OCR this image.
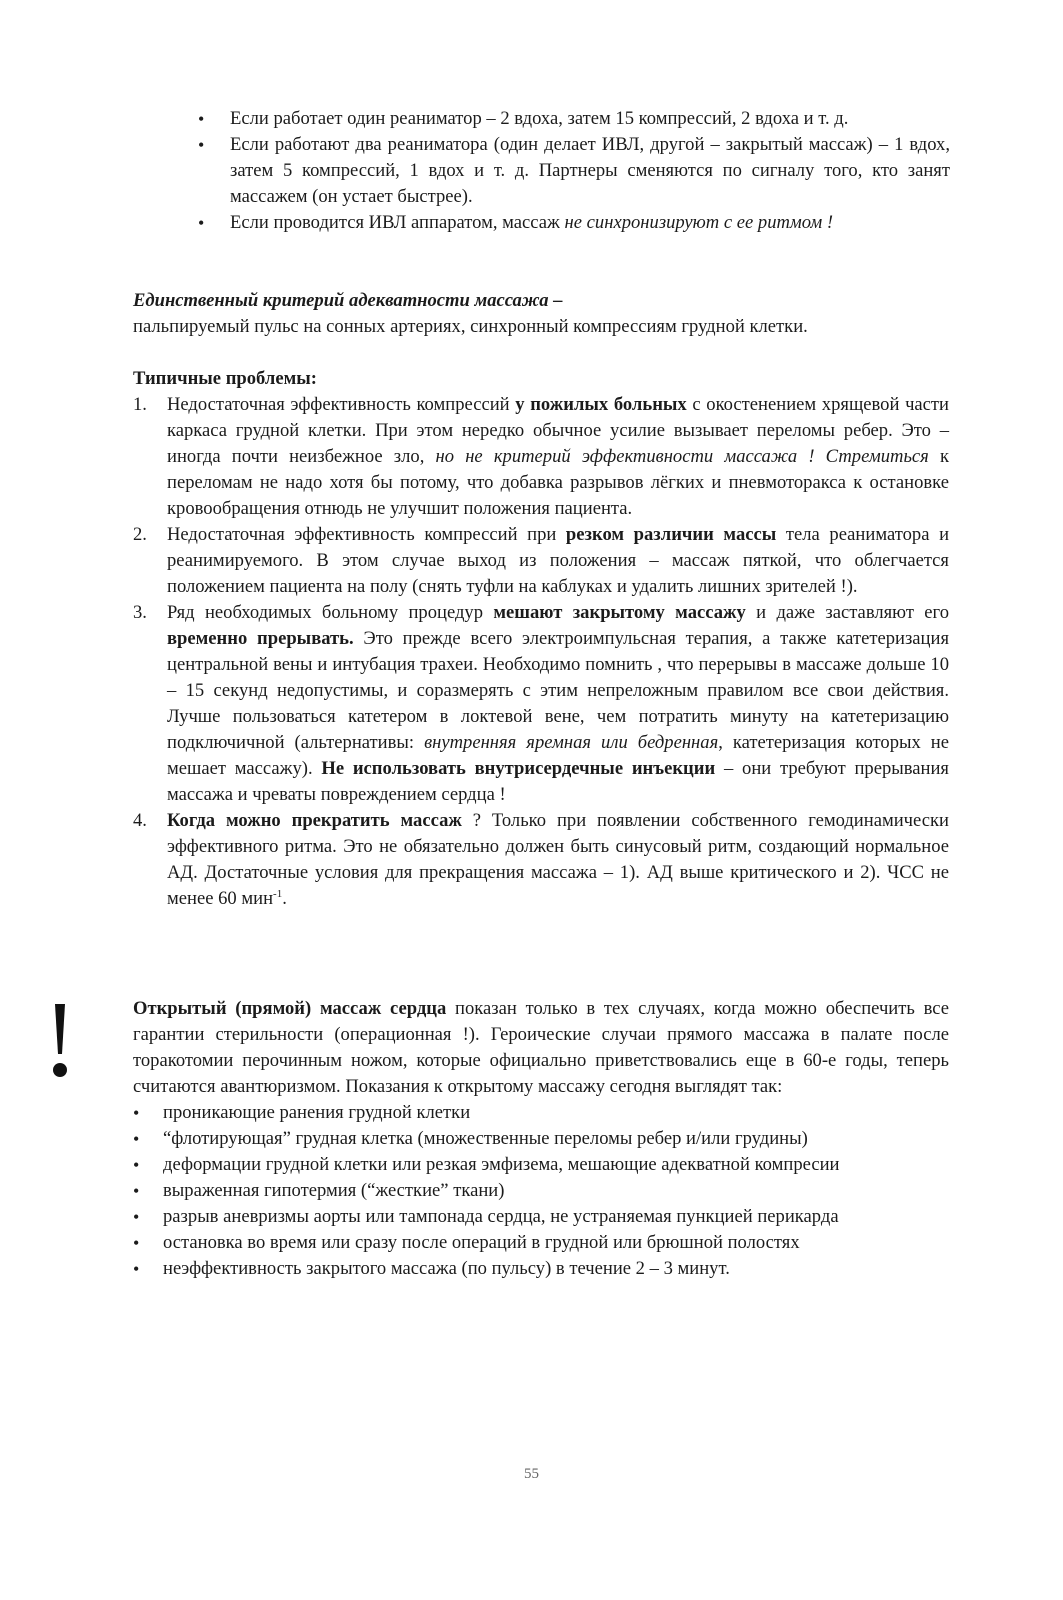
• Если работает один реаниматор – 2 вдоха, затем 15 компрессий, 2 вдоха и т. д.
• Если работают два реаниматора (один делает ИВЛ, другой – закрытый массаж) – 1 вдох, затем 5 компрессий, 1 вдох и т. д. Партнеры сменяются по сигналу того, кто занят массажем (он устает быстрее).
• Если проводится ИВЛ аппаратом, массаж не синхронизируют с ее ритмом !

Единственный критерий адекватности массажа –

пальпируемый пульс на сонных артериях, синхронный компрессиям грудной клетки.

Типичные проблемы:

1. Недостаточная эффективность компрессий у пожилых больных с окостенением хрящевой части каркаса грудной клетки. При этом нередко обычное усилие вызывает переломы ребер. Это – иногда почти неизбежное зло, но не критерий эффективности массажа ! Стремиться к переломам не надо хотя бы потому, что добавка разрывов лёгких и пневмоторакса к остановке кровообращения отнюдь не улучшит положения пациента.
2. Недостаточная эффективность компрессий при резком различии массы тела реаниматора и реанимируемого. В этом случае выход из положения – массаж пяткой, что облегчается положением пациента на полу (снять туфли на каблуках и удалить лишних зрителей !).
3. Ряд необходимых больному процедур мешают закрытому массажу и даже заставляют его временно прерывать. Это прежде всего электроимпульсная терапия, а также катетеризация центральной вены и интубация трахеи. Необходимо помнить , что перерывы в массаже дольше 10 – 15 секунд недопустимы, и соразмерять с этим непреложным правилом все свои действия. Лучше пользоваться катетером в локтевой вене, чем потратить минуту на катетеризацию подключичной (альтернативы: внутренняя яремная или бедренная, катетеризация которых не мешает массажу). Не использовать внутрисердечные инъекции – они требуют прерывания массажа и чреваты повреждением сердца !
4. Когда можно прекратить массаж ? Только при появлении собственного гемодинамически эффективного ритма. Это не обязательно должен быть синусовый ритм, создающий нормальное АД. Достаточные условия для прекращения массажа – 1). АД выше критического и 2). ЧСС не менее 60 мин$^{-1}$.

Открытый (прямой) массаж сердца показан только в тех случаях, когда можно обеспечить все гарантии стерильности (операционная !). Героические случаи прямого массажа в палате после торакотомии перочинным ножом, которые официально приветствовались еще в 60-е годы, теперь считаются авантюризмом. Показания к открытому массажу сегодня выглядят так:

• проникающие ранения грудной клетки
• “флотирующая” грудная клетка (множественные переломы ребер и/или грудины)
• деформации грудной клетки или резкая эмфизема, мешающие адекватной компресии
• выраженная гипотермия (“жесткие” ткани)
• разрыв аневризмы аорты или тампонада сердца, не устраняемая пункцией перикарда
• остановка во время или сразу после операций в грудной или брюшной полостях
• неэффективность закрытого массажа (по пульсу) в течение 2 – 3 минут.
55
